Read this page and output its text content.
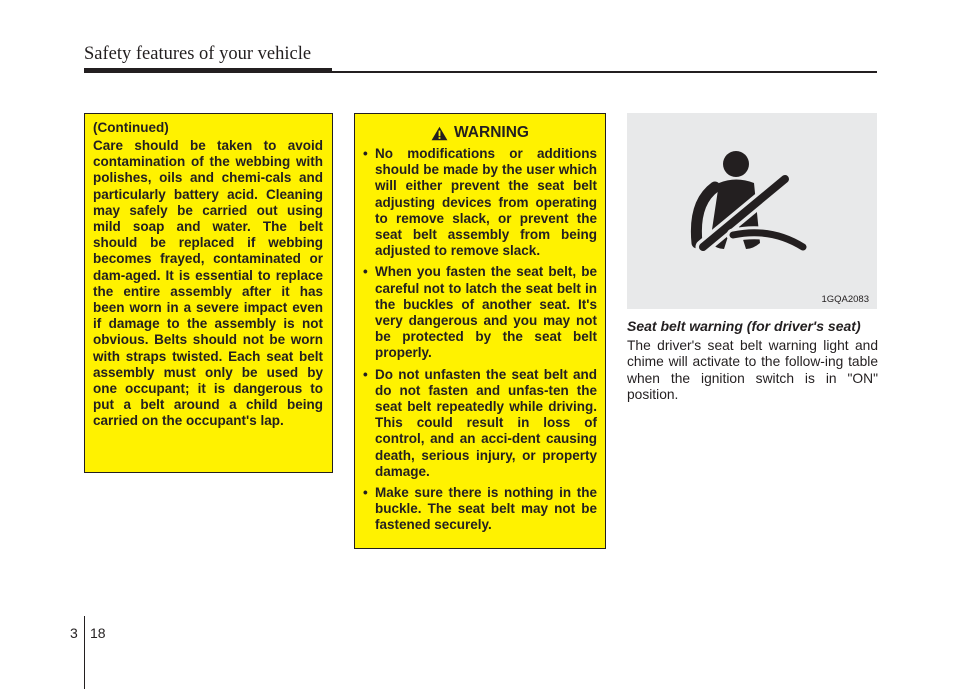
Safety features of your vehicle

(Continued)

Care should be taken to avoid contamination of the webbing with polishes, oils and chemi-cals and particularly battery acid. Cleaning may safely be carried out using mild soap and water. The belt should be replaced if webbing becomes frayed, contaminated or dam-aged. It is essential to replace the entire assembly after it has been worn in a severe impact even if damage to the assembly is not obvious. Belts should not be worn with straps twisted. Each seat belt assembly must only be used by one occupant; it is dangerous to put a belt around a child being carried on the occupant's lap.

WARNING
• No modifications or additions should be made by the user which will either prevent the seat belt adjusting devices from operating to remove slack, or prevent the seat belt assembly from being adjusted to remove slack.
• When you fasten the seat belt, be careful not to latch the seat belt in the buckles of another seat. It's very dangerous and you may not be protected by the seat belt properly.
• Do not unfasten the seat belt and do not fasten and unfas-ten the seat belt repeatedly while driving. This could result in loss of control, and an acci-dent causing death, serious injury, or property damage.
• Make sure there is nothing in the buckle. The seat belt may not be fastened securely.
1GQA2083
Seat belt warning (for driver's seat)

The driver's seat belt warning light and chime will activate to the follow-ing table when the ignition switch is in "ON" position.

3 18
